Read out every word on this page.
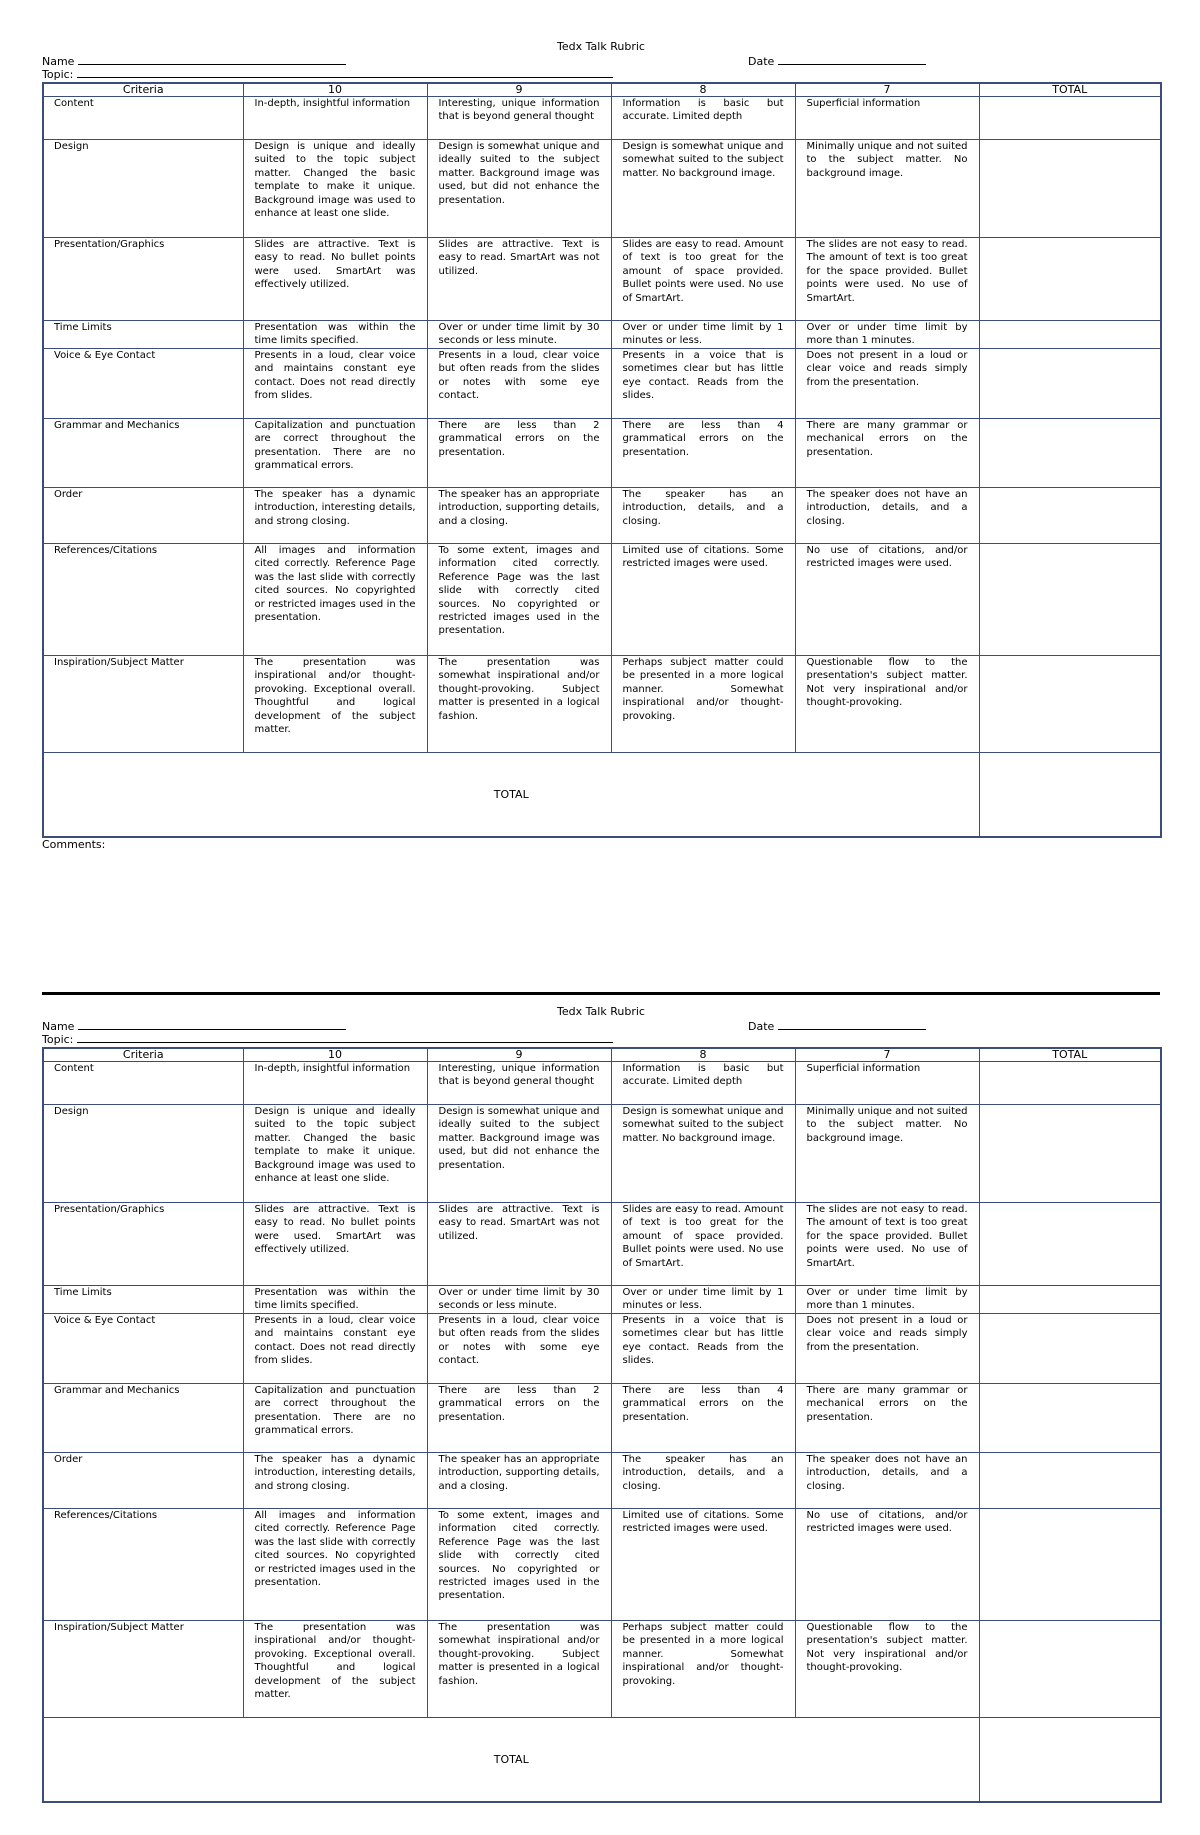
Tedx Talk Rubric
Name	Date
Topic:
Criteria	10	9	8	7	TOTAL
Content	In-depth, insightful information	Interesting, unique information that is beyond general thought	Information is basic but accurate. Limited depth	Superficial information	
Design	Design is unique and ideally suited to the topic subject matter. Changed the basic template to make it unique. Background image was used to enhance at least one slide.	Design is somewhat unique and ideally suited to the subject matter. Background image was used, but did not enhance the presentation.	Design is somewhat unique and somewhat suited to the subject matter. No background image.	Minimally unique and not suited to the subject matter. No background image.	
Presentation/Graphics	Slides are attractive. Text is easy to read. No bullet points were used. SmartArt was effectively utilized.	Slides are attractive. Text is easy to read. SmartArt was not utilized.	Slides are easy to read. Amount of text is too great for the amount of space provided. Bullet points were used. No use of SmartArt.	The slides are not easy to read. The amount of text is too great for the space provided. Bullet points were used. No use of SmartArt.	
Time Limits	Presentation was within the time limits specified.	Over or under time limit by 30 seconds or less minute.	Over or under time limit by 1 minutes or less.	Over or under time limit by more than 1 minutes.	
Voice & Eye Contact	Presents in a loud, clear voice and maintains constant eye contact. Does not read directly from slides.	Presents in a loud, clear voice but often reads from the slides or notes with some eye contact.	Presents in a voice that is sometimes clear but has little eye contact. Reads from the slides.	Does not present in a loud or clear voice and reads simply from the presentation.	
Grammar and Mechanics	Capitalization and punctuation are correct throughout the presentation. There are no grammatical errors.	There are less than 2 grammatical errors on the presentation.	There are less than 4 grammatical errors on the presentation.	There are many grammar or mechanical errors on the presentation.	
Order	The speaker has a dynamic introduction, interesting details, and strong closing.	The speaker has an appropriate introduction, supporting details, and a closing.	The speaker has an introduction, details, and a closing.	The speaker does not have an introduction, details, and a closing.	
References/Citations	All images and information cited correctly. Reference Page was the last slide with correctly cited sources. No copyrighted or restricted images used in the presentation.	To some extent, images and information cited correctly. Reference Page was the last slide with correctly cited sources. No copyrighted or restricted images used in the presentation.	Limited use of citations. Some restricted images were used.	No use of citations, and/or restricted images were used.	
Inspiration/Subject Matter	The presentation was inspirational and/or thought-provoking. Exceptional overall. Thoughtful and logical development of the subject matter.	The presentation was somewhat inspirational and/or thought-provoking. Subject matter is presented in a logical fashion.	Perhaps subject matter could be presented in a more logical manner. Somewhat inspirational and/or thought-provoking.	Questionable flow to the presentation's subject matter. Not very inspirational and/or thought-provoking.	
TOTAL					
Comments:
Tedx Talk Rubric
Name	Date
Topic:
Criteria	10	9	8	7	TOTAL
Content	In-depth, insightful information	Interesting, unique information that is beyond general thought	Information is basic but accurate. Limited depth	Superficial information	
Design	Design is unique and ideally suited to the topic subject matter. Changed the basic template to make it unique. Background image was used to enhance at least one slide.	Design is somewhat unique and ideally suited to the subject matter. Background image was used, but did not enhance the presentation.	Design is somewhat unique and somewhat suited to the subject matter. No background image.	Minimally unique and not suited to the subject matter. No background image.	
Presentation/Graphics	Slides are attractive. Text is easy to read. No bullet points were used. SmartArt was effectively utilized.	Slides are attractive. Text is easy to read. SmartArt was not utilized.	Slides are easy to read. Amount of text is too great for the amount of space provided. Bullet points were used. No use of SmartArt.	The slides are not easy to read. The amount of text is too great for the space provided. Bullet points were used. No use of SmartArt.	
Time Limits	Presentation was within the time limits specified.	Over or under time limit by 30 seconds or less minute.	Over or under time limit by 1 minutes or less.	Over or under time limit by more than 1 minutes.	
Voice & Eye Contact	Presents in a loud, clear voice and maintains constant eye contact. Does not read directly from slides.	Presents in a loud, clear voice but often reads from the slides or notes with some eye contact.	Presents in a voice that is sometimes clear but has little eye contact. Reads from the slides.	Does not present in a loud or clear voice and reads simply from the presentation.	
Grammar and Mechanics	Capitalization and punctuation are correct throughout the presentation. There are no grammatical errors.	There are less than 2 grammatical errors on the presentation.	There are less than 4 grammatical errors on the presentation.	There are many grammar or mechanical errors on the presentation.	
Order	The speaker has a dynamic introduction, interesting details, and strong closing.	The speaker has an appropriate introduction, supporting details, and a closing.	The speaker has an introduction, details, and a closing.	The speaker does not have an introduction, details, and a closing.	
References/Citations	All images and information cited correctly. Reference Page was the last slide with correctly cited sources. No copyrighted or restricted images used in the presentation.	To some extent, images and information cited correctly. Reference Page was the last slide with correctly cited sources. No copyrighted or restricted images used in the presentation.	Limited use of citations. Some restricted images were used.	No use of citations, and/or restricted images were used.	
Inspiration/Subject Matter	The presentation was inspirational and/or thought-provoking. Exceptional overall. Thoughtful and logical development of the subject matter.	The presentation was somewhat inspirational and/or thought-provoking. Subject matter is presented in a logical fashion.	Perhaps subject matter could be presented in a more logical manner. Somewhat inspirational and/or thought-provoking.	Questionable flow to the presentation's subject matter. Not very inspirational and/or thought-provoking.	
TOTAL					
